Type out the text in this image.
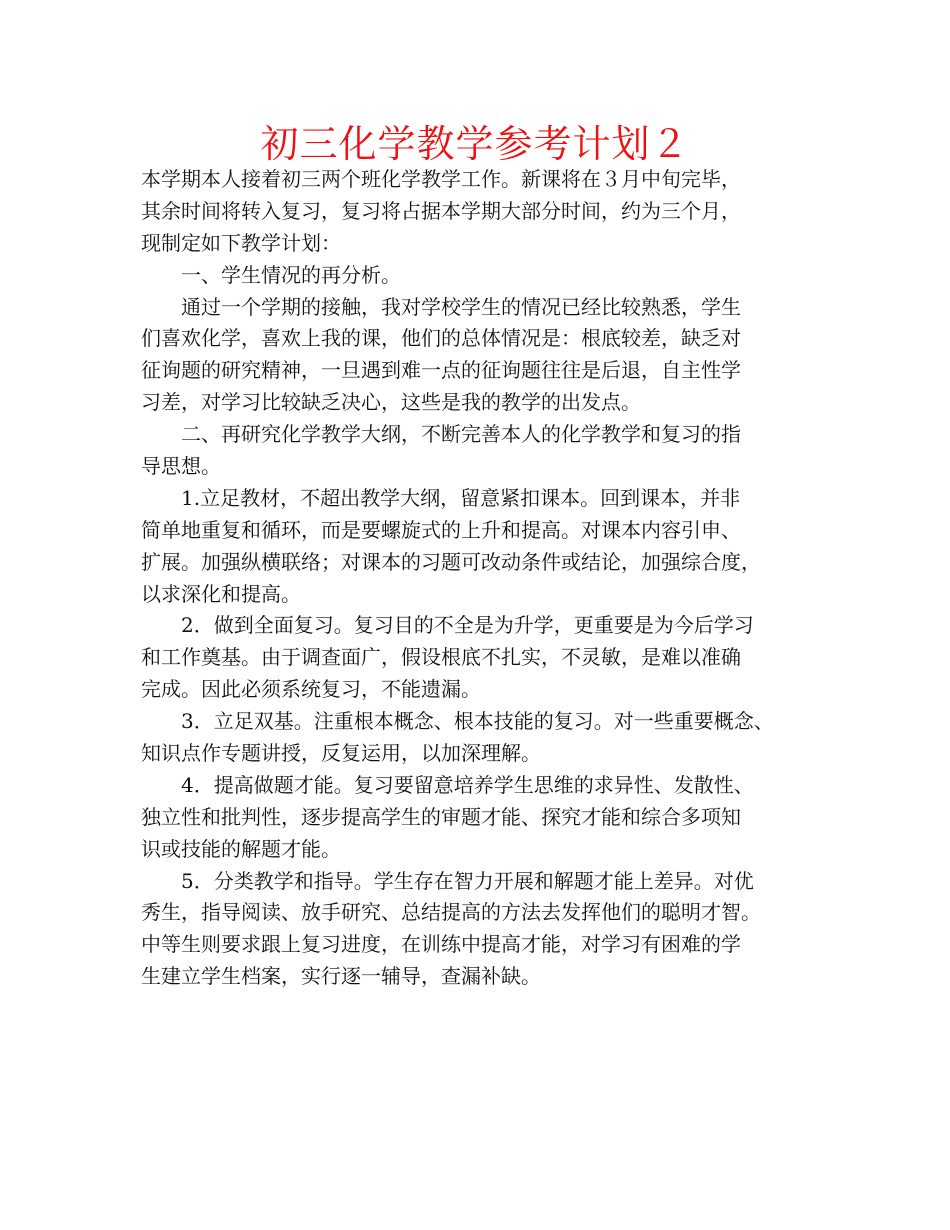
初三化学教学参考计划２
本学期本人接着初三两个班化学教学工作。新课将在３月中旬完毕，
其余时间将转入复习，复习将占据本学期大部分时间，约为三个月，
现制定如下教学计划：
　　一、学生情况的再分析。
　　通过一个学期的接触，我对学校学生的情况已经比较熟悉，学生
们喜欢化学，喜欢上我的课，他们的总体情况是：根底较差，缺乏对
征询题的研究精神，一旦遇到难一点的征询题往往是后退，自主性学
习差，对学习比较缺乏决心，这些是我的教学的出发点。
　　二、再研究化学教学大纲，不断完善本人的化学教学和复习的指
导思想。
　　1.立足教材，不超出教学大纲，留意紧扣课本。回到课本，并非
简单地重复和循环，而是要螺旋式的上升和提高。对课本内容引申、
扩展。加强纵横联络；对课本的习题可改动条件或结论，加强综合度，
以求深化和提高。
　　2．做到全面复习。复习目的不全是为升学，更重要是为今后学习
和工作奠基。由于调查面广，假设根底不扎实，不灵敏，是难以准确
完成。因此必须系统复习，不能遗漏。
　　3．立足双基。注重根本概念、根本技能的复习。对一些重要概念、
知识点作专题讲授，反复运用，以加深理解。
　　4．提高做题才能。复习要留意培养学生思维的求异性、发散性、
独立性和批判性，逐步提高学生的审题才能、探究才能和综合多项知
识或技能的解题才能。
　　5．分类教学和指导。学生存在智力开展和解题才能上差异。对优
秀生，指导阅读、放手研究、总结提高的方法去发挥他们的聪明才智。
中等生则要求跟上复习进度，在训练中提高才能，对学习有困难的学
生建立学生档案，实行逐一辅导，查漏补缺。
